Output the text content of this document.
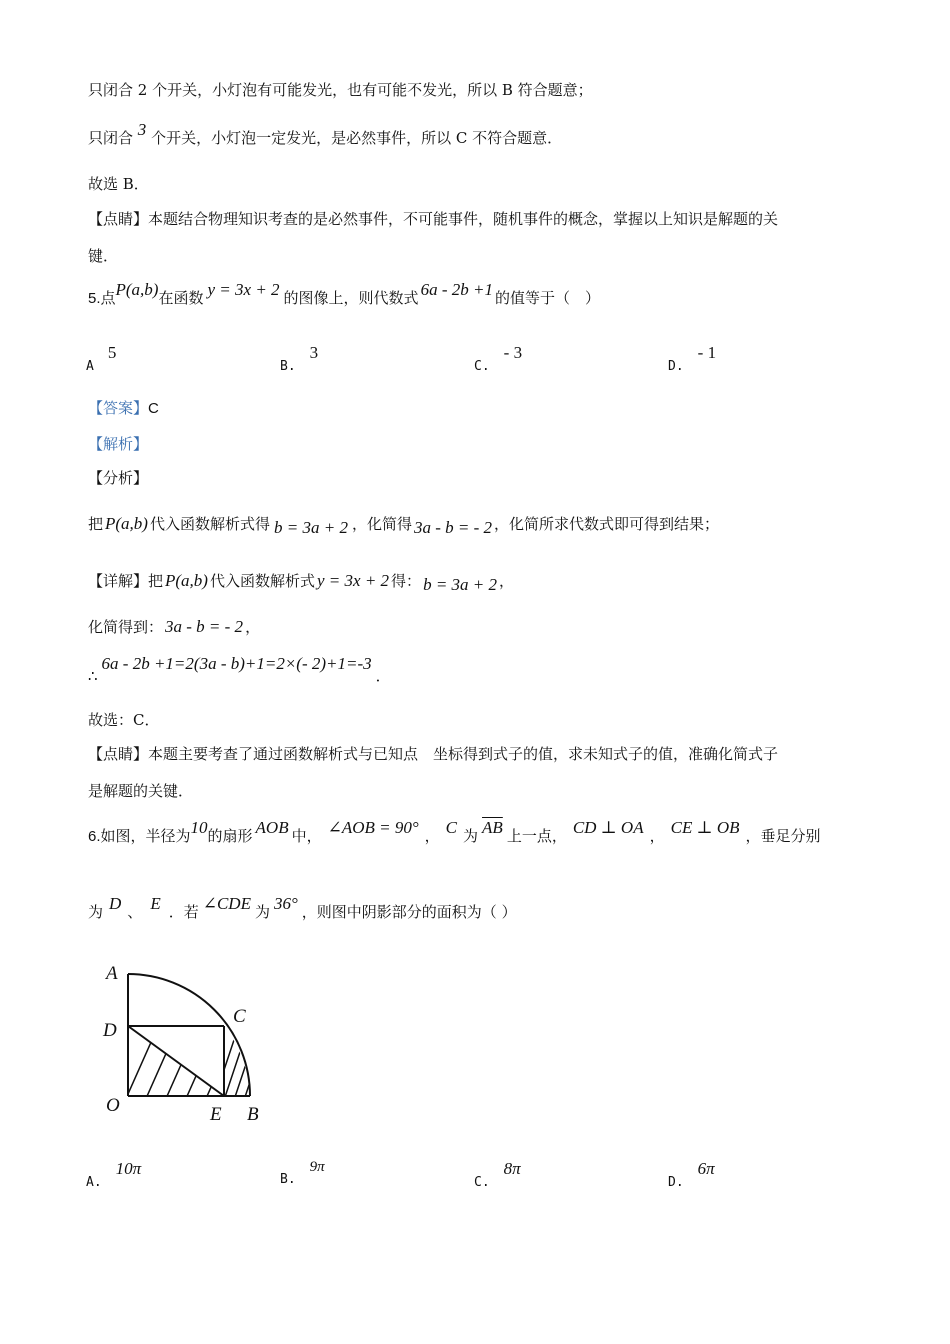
只闭合 2 个开关，小灯泡有可能发光，也有可能不发光，所以 B 符合题意；
只闭合 3 个开关，小灯泡一定发光，是必然事件，所以 C 不符合题意．
故选 B．
【点睛】本题结合物理知识考查的是必然事件，不可能事件，随机事件的概念，掌握以上知识是解题的关
键．
5.点P(a,b)在函数 y = 3x + 2 的图像上，则代数式 6a - 2b +1 的值等于（　）
A5
B.3
C.- 3
D.- 1
【答案】C
【解析】
【分析】
把 P(a,b) 代入函数解析式得 b = 3a + 2 ，化简得 3a - b = - 2 ，化简所求代数式即可得到结果；
【详解】把 P(a,b) 代入函数解析式 y = 3x + 2 得： b = 3a + 2 ，
化简得到： 3a - b = - 2 ，
∴6a - 2b +1=2(3a - b)+1=2×(- 2)+1=-3．
故选：C．
【点睛】本题主要考查了通过函数解析式与已知点　坐标得到式子的值，求未知式子的值，准确化简式子
是解题的关键．
6.如图，半径为10的扇形 AOB 中， ∠AOB = 90° ， C 为 $\overline{AB}$ 上一点， CD ⊥ OA ， CE ⊥ OB ，垂足分别
为 D 、 E ．若 ∠CDE 为 36° ，则图中阴影部分的面积为（ ）
A
C
D
O	E B
A.10π
B.9π
C.8π
D.6π
